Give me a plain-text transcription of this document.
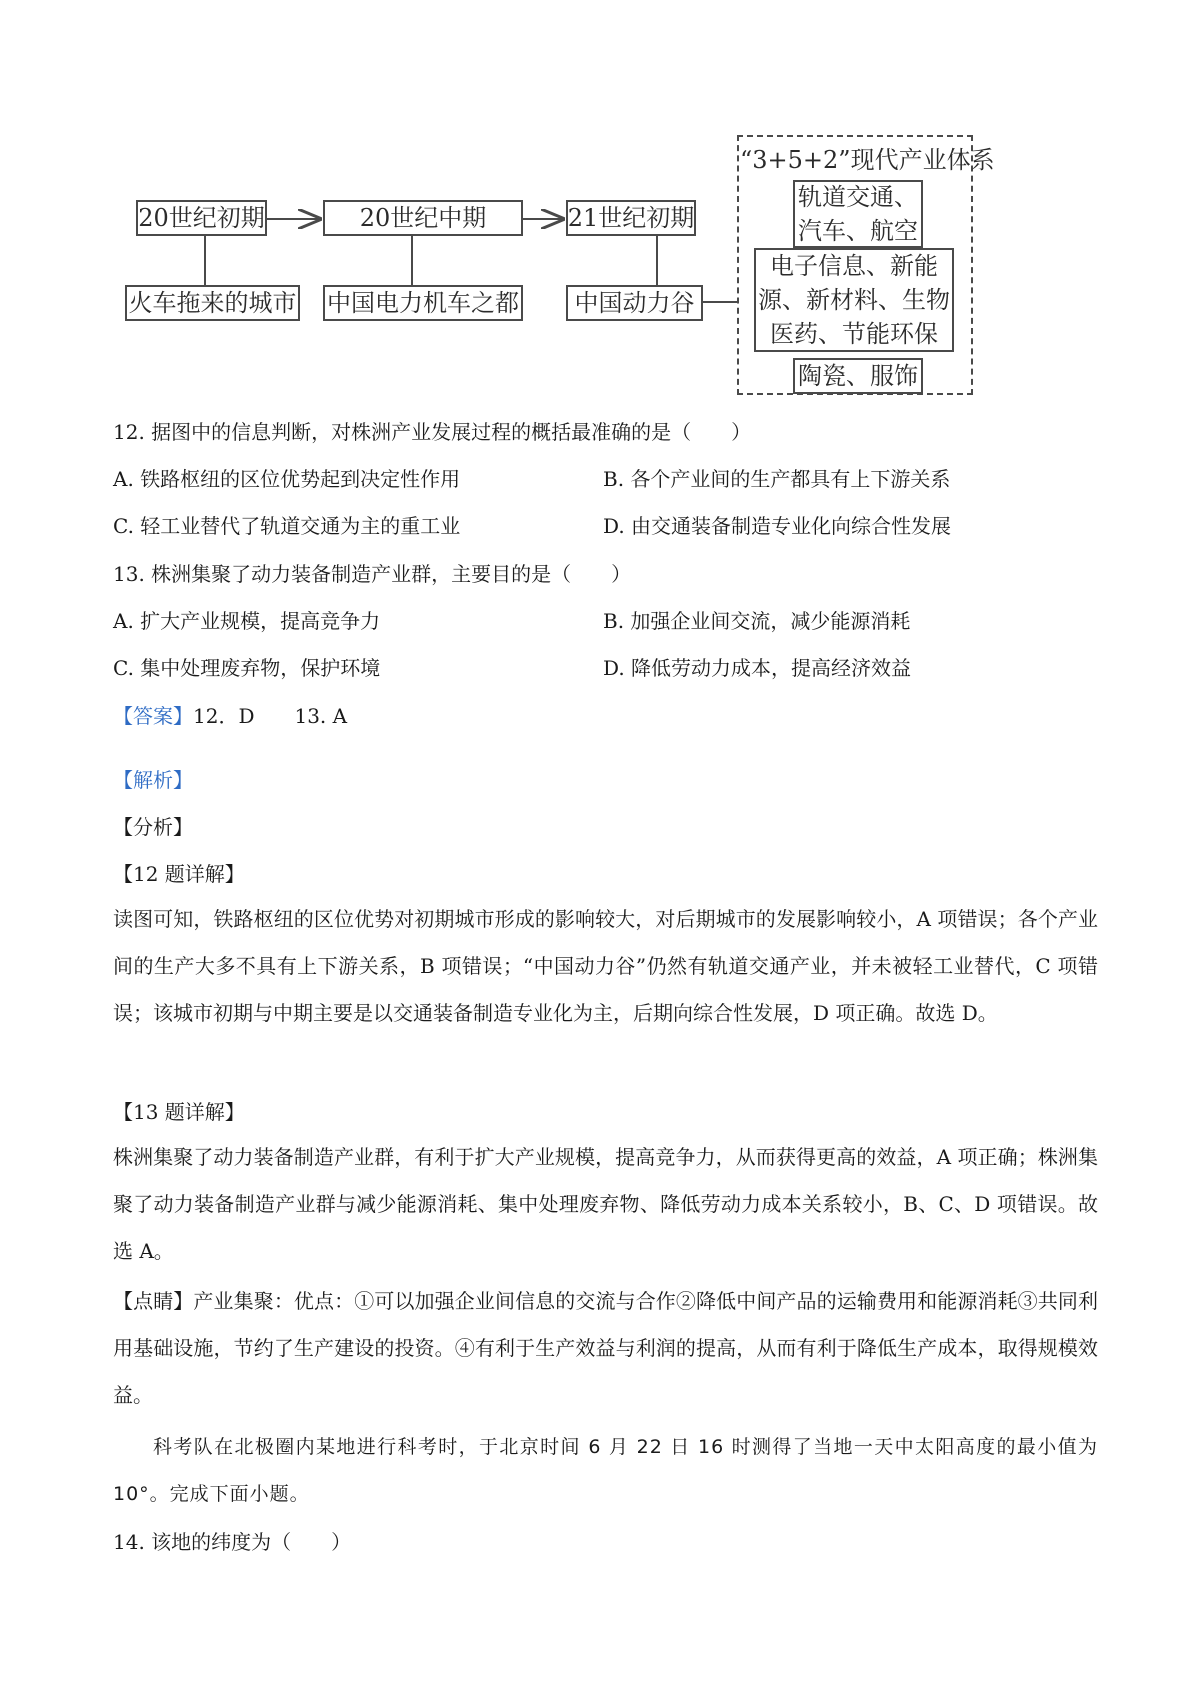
20世纪初期	20世纪中期	21世纪初期
火车拖来的城市 中国电力机车之都	中国动力谷
“3+5+2”现代产业体系
轨道交通、汽车、航空
电子信息、新能源、新材料、生物医药、节能环保
陶瓷、服饰
12. 据图中的信息判断，对株洲产业发展过程的概括最准确的是（　　）
A. 铁路枢纽的区位优势起到决定性作用	B. 各个产业间的生产都具有上下游关系
C. 轻工业替代了轨道交通为主的重工业	D. 由交通装备制造专业化向综合性发展
13. 株洲集聚了动力装备制造产业群，主要目的是（　　）
A. 扩大产业规模，提高竞争力	B. 加强企业间交流，减少能源消耗
C. 集中处理废弃物，保护环境	D. 降低劳动力成本，提高经济效益
【答案】12．D　　13. A
【解析】
【分析】
【12 题详解】
读图可知，铁路枢纽的区位优势对初期城市形成的影响较大，对后期城市的发展影响较小，A 项错误；各个产业间的生产大多不具有上下游关系，B 项错误；“中国动力谷”仍然有轨道交通产业，并未被轻工业替代，C 项错误；该城市初期与中期主要是以交通装备制造专业化为主，后期向综合性发展，D 项正确。故选 D。
【13 题详解】
株洲集聚了动力装备制造产业群，有利于扩大产业规模，提高竞争力，从而获得更高的效益，A 项正确；株洲集聚了动力装备制造产业群与减少能源消耗、集中处理废弃物、降低劳动力成本关系较小，B、C、D 项错误。故选 A。
【点睛】产业集聚：优点：①可以加强企业间信息的交流与合作②降低中间产品的运输费用和能源消耗③共同利用基础设施，节约了生产建设的投资。④有利于生产效益与利润的提高，从而有利于降低生产成本，取得规模效益。
科考队在北极圈内某地进行科考时，于北京时间 6 月 22 日 16 时测得了当地一天中太阳高度的最小值为 10°。完成下面小题。
14. 该地的纬度为（　　）
